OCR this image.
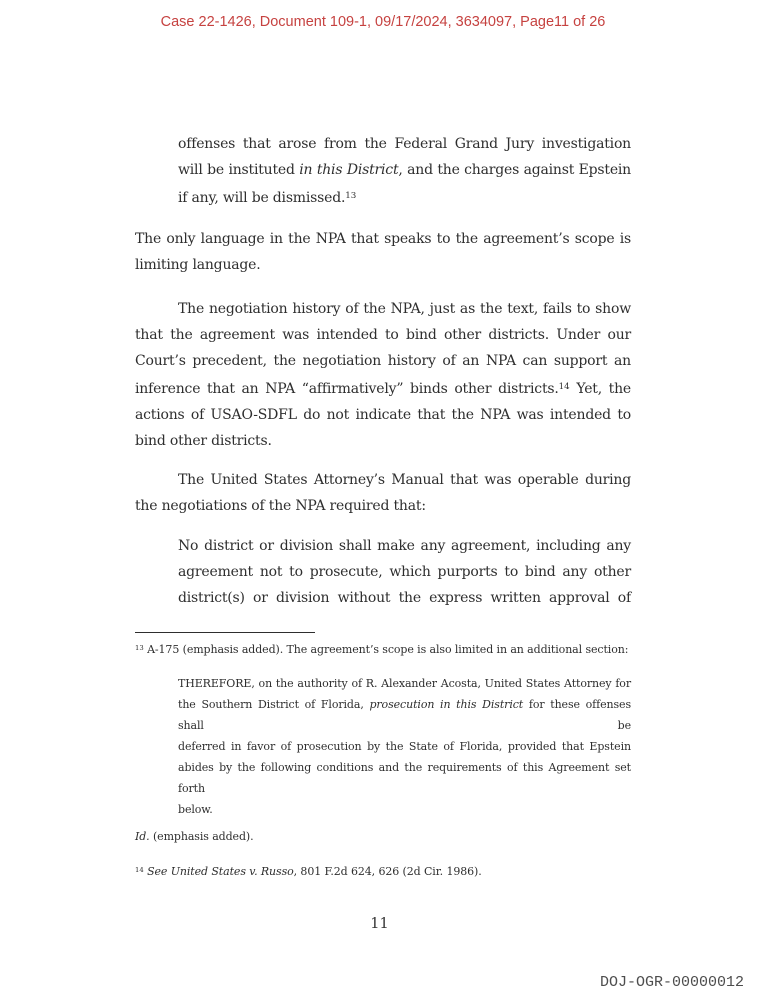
Case 22-1426, Document 109-1, 09/17/2024, 3634097, Page11 of 26
offenses that arose from the Federal Grand Jury investigation
will be instituted in this District, and the charges against Epstein
if any, will be dismissed.$^{13}$
The only language in the NPA that speaks to the agreement’s scope is
limiting language.
The negotiation history of the NPA, just as the text, fails to show
that the agreement was intended to bind other districts. Under our
Court’s precedent, the negotiation history of an NPA can support an
inference that an NPA “affirmatively” binds other districts.$^{14}$ Yet, the
actions of USAO-SDFL do not indicate that the NPA was intended to
bind other districts.
The United States Attorney’s Manual that was operable during
the negotiations of the NPA required that:
No district or division shall make any agreement, including any
agreement not to prosecute, which purports to bind any other
district(s) or division without the express written approval of
$^{13}$ A-175 (emphasis added). The agreement’s scope is also limited in an additional section:
THEREFORE, on the authority of R. Alexander Acosta, United States Attorney for
the Southern District of Florida, prosecution in this District for these offenses shall be
deferred in favor of prosecution by the State of Florida, provided that Epstein
abides by the following conditions and the requirements of this Agreement set forth
below.
Id. (emphasis added).
$^{14}$ See United States v. Russo, 801 F.2d 624, 626 (2d Cir. 1986).
11
DOJ-OGR-00000012
